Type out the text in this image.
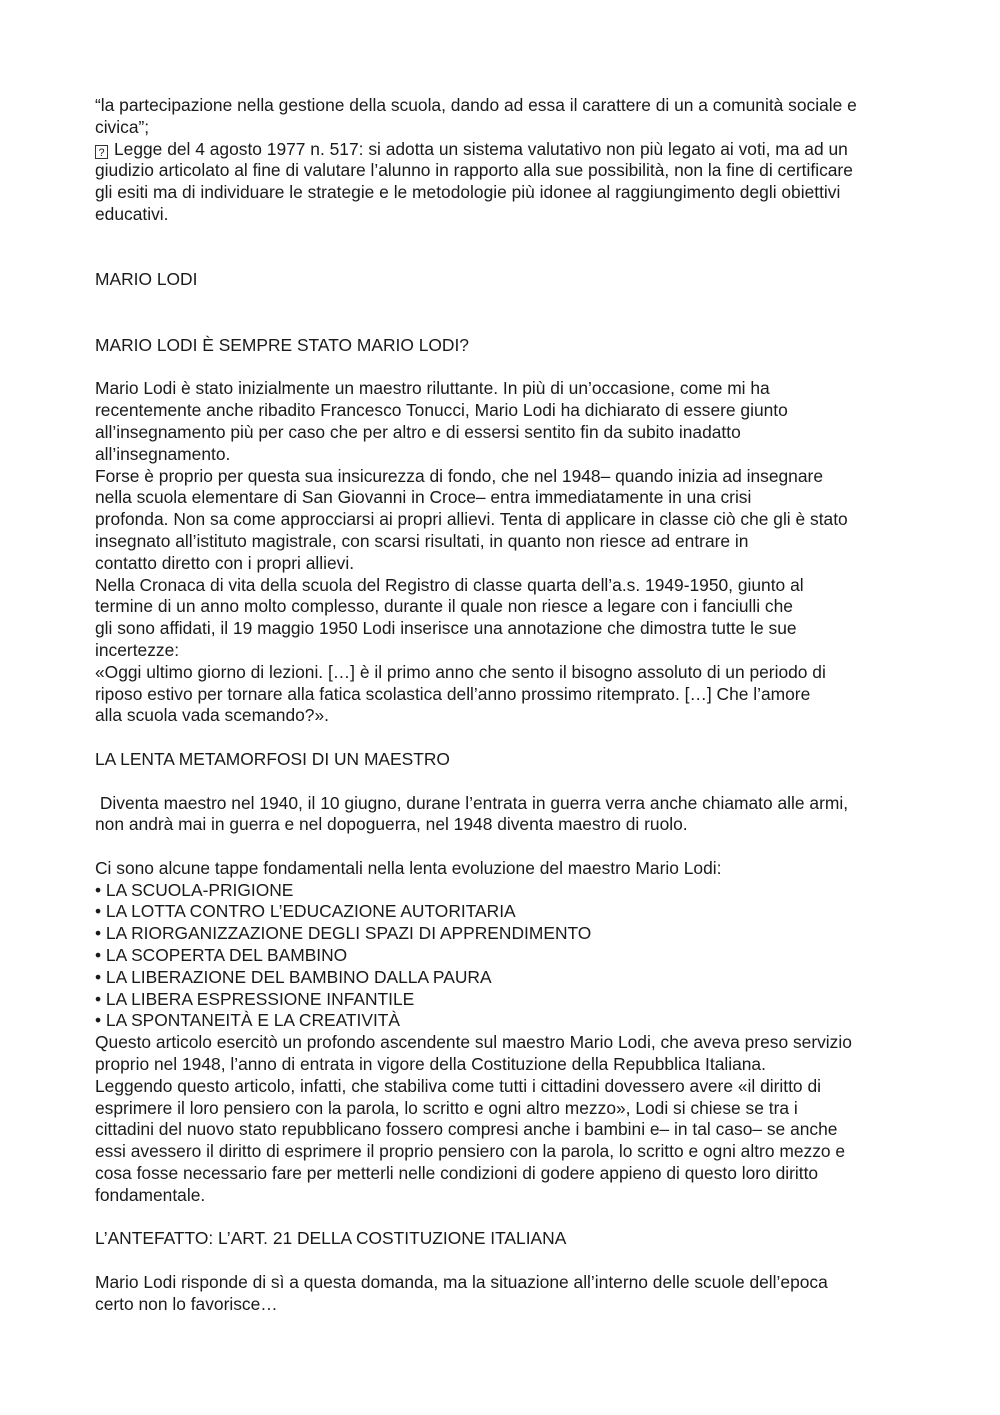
“la partecipazione nella gestione della scuola, dando ad essa il carattere di un a comunità sociale e
civica”;
? Legge del 4 agosto 1977 n. 517: si adotta un sistema valutativo non più legato ai voti, ma ad un
giudizio articolato al fine di valutare l’alunno in rapporto alla sue possibilità, non la fine di certificare
gli esiti ma di individuare le strategie e le metodologie più idonee al raggiungimento degli obiettivi
educativi.
MARIO LODI
MARIO LODI È SEMPRE STATO MARIO LODI?
Mario Lodi è stato inizialmente un maestro riluttante. In più di un’occasione, come mi ha
recentemente anche ribadito Francesco Tonucci, Mario Lodi ha dichiarato di essere giunto
all’insegnamento più per caso che per altro e di essersi sentito fin da subito inadatto
all’insegnamento.
Forse è proprio per questa sua insicurezza di fondo, che nel 1948– quando inizia ad insegnare
nella scuola elementare di San Giovanni in Croce– entra immediatamente in una crisi
profonda. Non sa come approcciarsi ai propri allievi. Tenta di applicare in classe ciò che gli è stato
insegnato all’istituto magistrale, con scarsi risultati, in quanto non riesce ad entrare in
contatto diretto con i propri allievi.
Nella Cronaca di vita della scuola del Registro di classe quarta dell’a.s. 1949-1950, giunto al
termine di un anno molto complesso, durante il quale non riesce a legare con i fanciulli che
gli sono affidati, il 19 maggio 1950 Lodi inserisce una annotazione che dimostra tutte le sue
incertezze:
«Oggi ultimo giorno di lezioni. […] è il primo anno che sento il bisogno assoluto di un periodo di
riposo estivo per tornare alla fatica scolastica dell’anno prossimo ritemprato. […] Che l’amore
alla scuola vada scemando?».
LA LENTA METAMORFOSI DI UN MAESTRO
Diventa maestro nel 1940, il 10 giugno, durane l’entrata in guerra verra anche chiamato alle armi,
non andrà mai in guerra e nel dopoguerra, nel 1948 diventa maestro di ruolo.
Ci sono alcune tappe fondamentali nella lenta evoluzione del maestro Mario Lodi:
• LA SCUOLA-PRIGIONE
• LA LOTTA CONTRO L’EDUCAZIONE AUTORITARIA
• LA RIORGANIZZAZIONE DEGLI SPAZI DI APPRENDIMENTO
• LA SCOPERTA DEL BAMBINO
• LA LIBERAZIONE DEL BAMBINO DALLA PAURA
• LA LIBERA ESPRESSIONE INFANTILE
• LA SPONTANEITÀ E LA CREATIVITÀ
Questo articolo esercitò un profondo ascendente sul maestro Mario Lodi, che aveva preso servizio
proprio nel 1948, l’anno di entrata in vigore della Costituzione della Repubblica Italiana.
Leggendo questo articolo, infatti, che stabiliva come tutti i cittadini dovessero avere «il diritto di
esprimere il loro pensiero con la parola, lo scritto e ogni altro mezzo», Lodi si chiese se tra i
cittadini del nuovo stato repubblicano fossero compresi anche i bambini e– in tal caso– se anche
essi avessero il diritto di esprimere il proprio pensiero con la parola, lo scritto e ogni altro mezzo e
cosa fosse necessario fare per metterli nelle condizioni di godere appieno di questo loro diritto
fondamentale.
L’ANTEFATTO: L’ART. 21 DELLA COSTITUZIONE ITALIANA
Mario Lodi risponde di sì a questa domanda, ma la situazione all’interno delle scuole dell’epoca
certo non lo favorisce…
